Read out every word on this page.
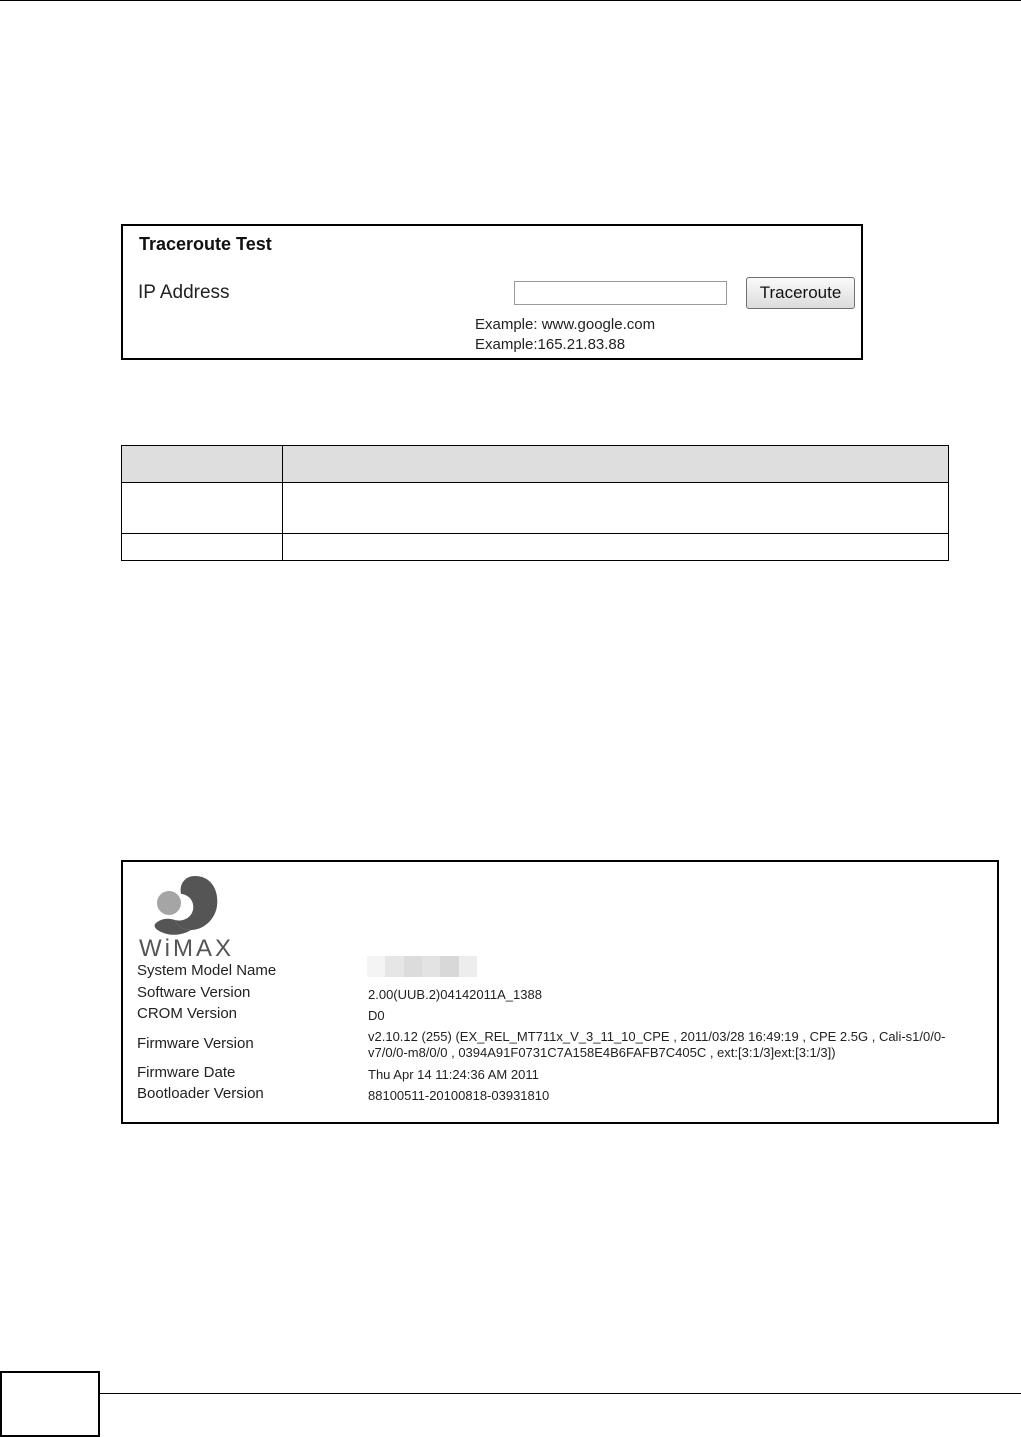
Traceroute Test
IP Address	Traceroute
Example: www.google.com
Example:165.21.83.88

WiMAX
System Model Name
Software Version	2.00(UUB.2)04142011A_1388
CROM Version	D0
Firmware Version	v2.10.12 (255) (EX_REL_MT711x_V_3_11_10_CPE , 2011/03/28 16:49:19 , CPE 2.5G , Cali-s1/0/0-
v7/0/0-m8/0/0 , 0394A91F0731C7A158E4B6FAFB7C405C , ext:[3:1/3]ext:[3:1/3])
Firmware Date	Thu Apr 14 11:24:36 AM 2011
Bootloader Version	88100511-20100818-03931810
